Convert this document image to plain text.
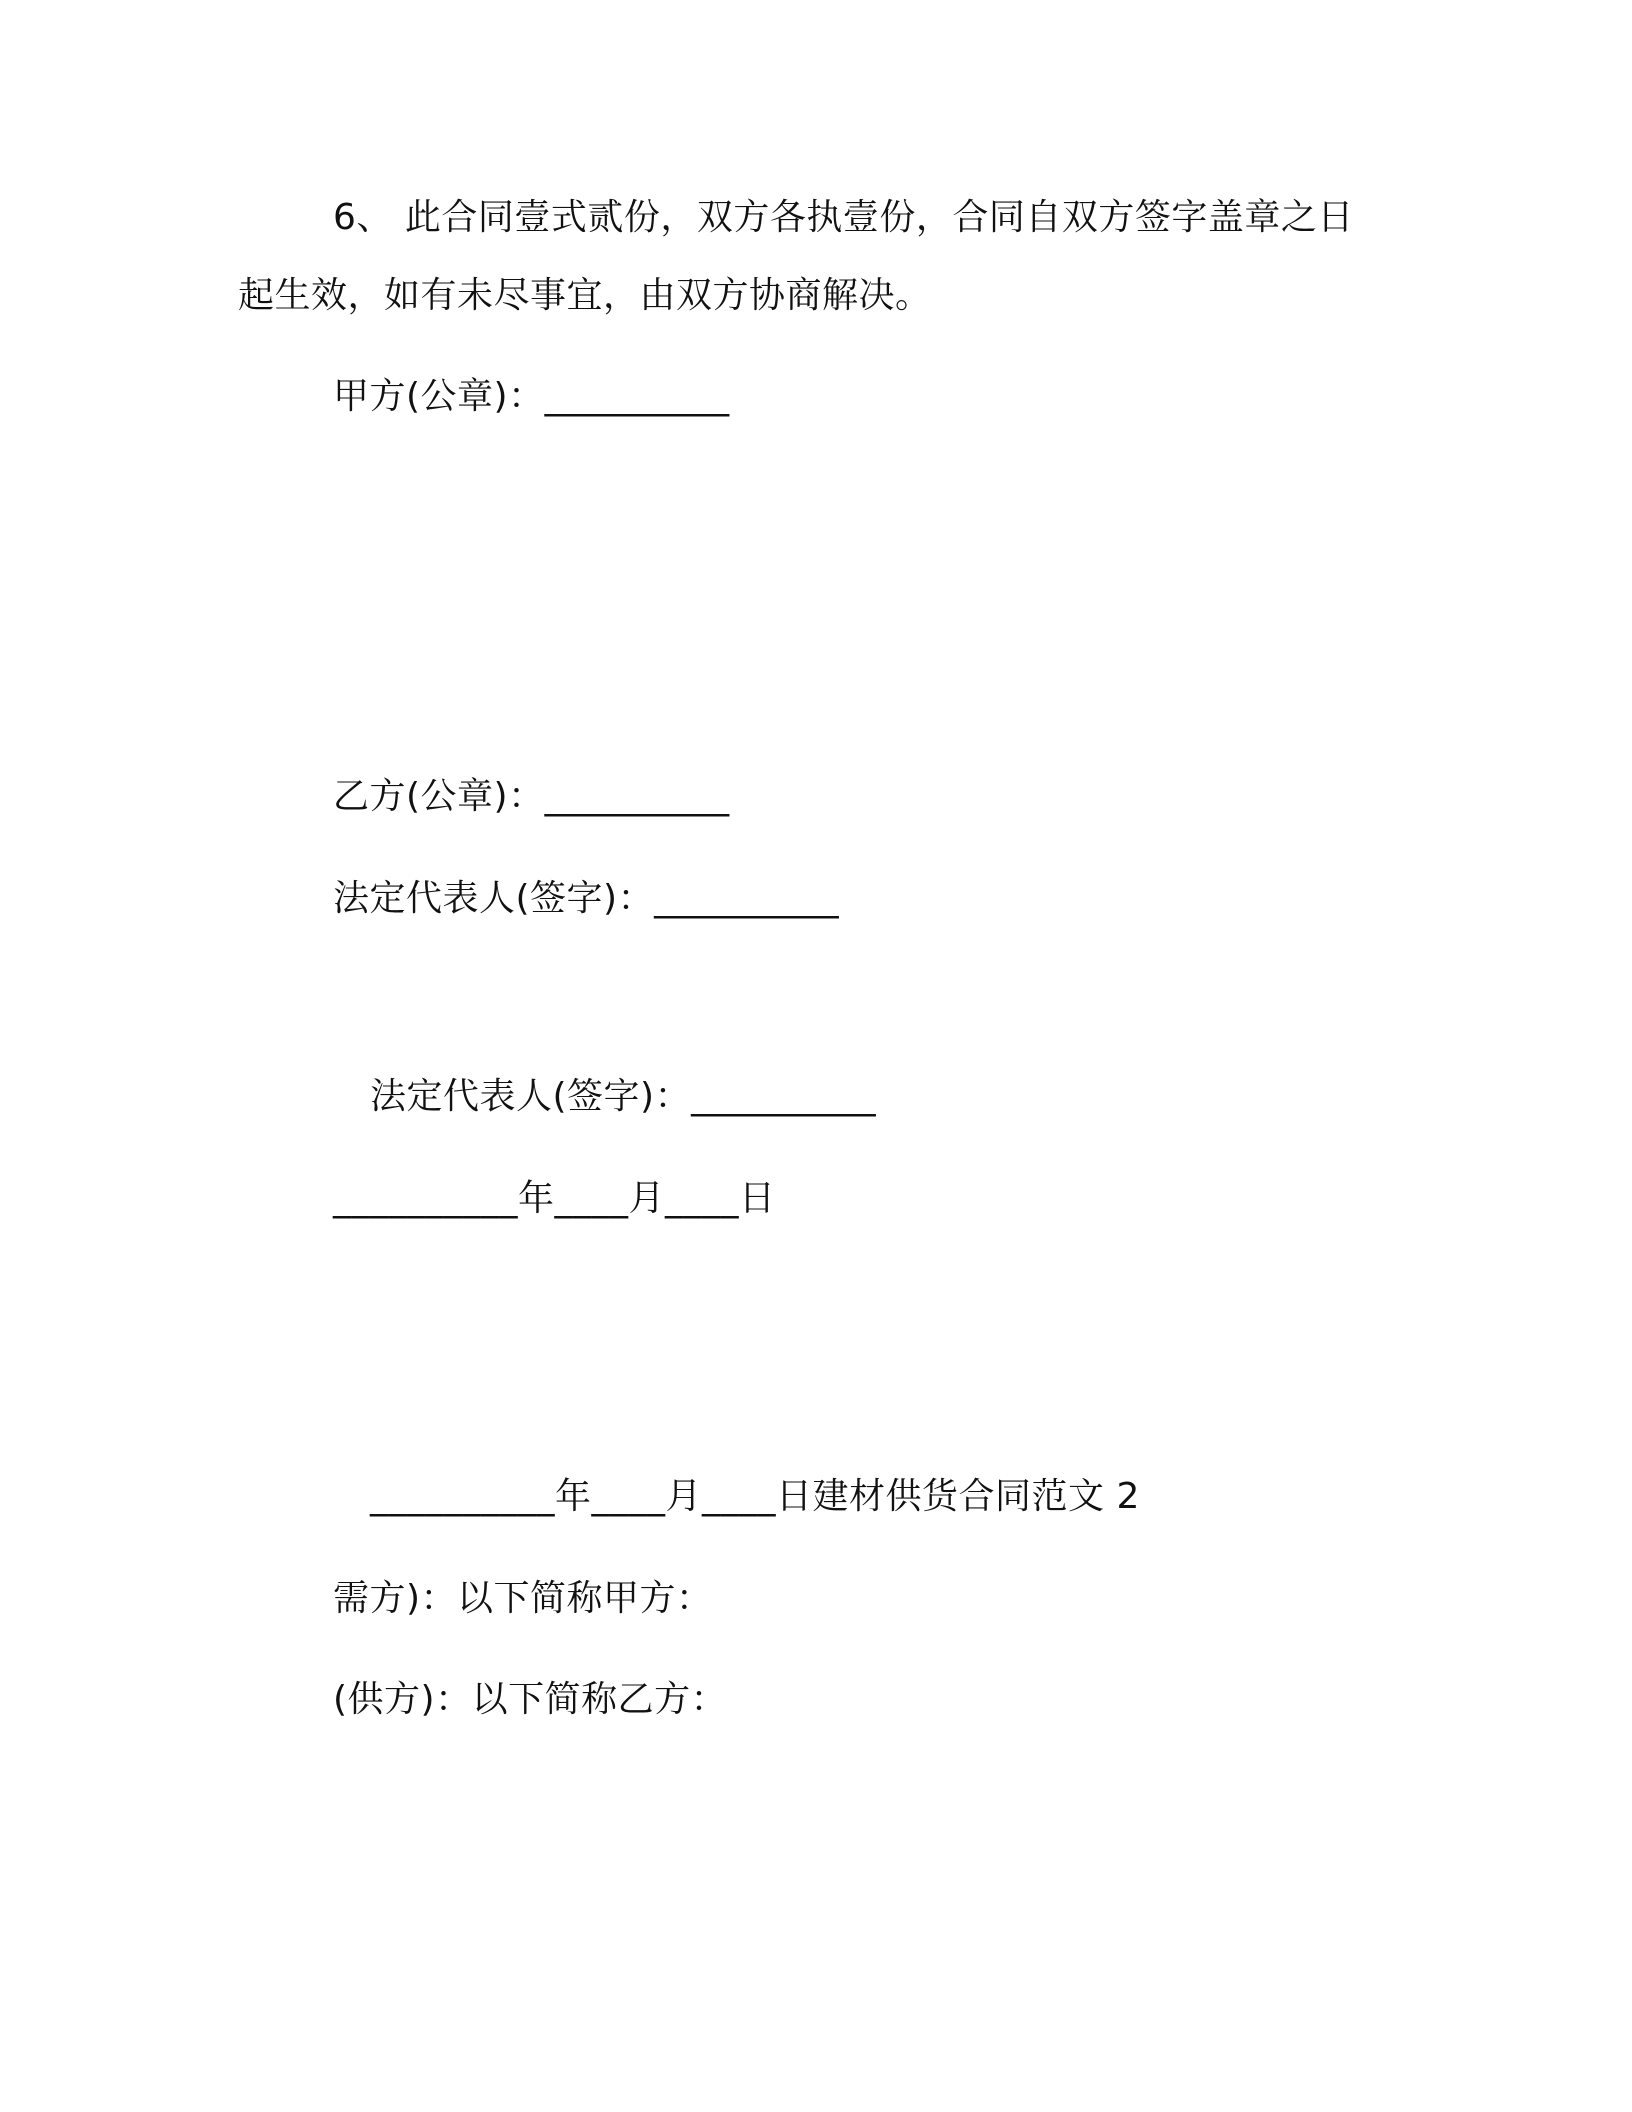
6、 此合同壹式贰份，双方各执壹份，合同自双方签字盖章之日
起生效，如有未尽事宜，由双方协商解决。
甲方(公章)：__________
乙方(公章)：__________
法定代表人(签字)：__________
法定代表人(签字)：__________
__________年____月____日
__________年____月____日建材供货合同范文 2
需方)：以下简称甲方：
(供方)：以下简称乙方：
